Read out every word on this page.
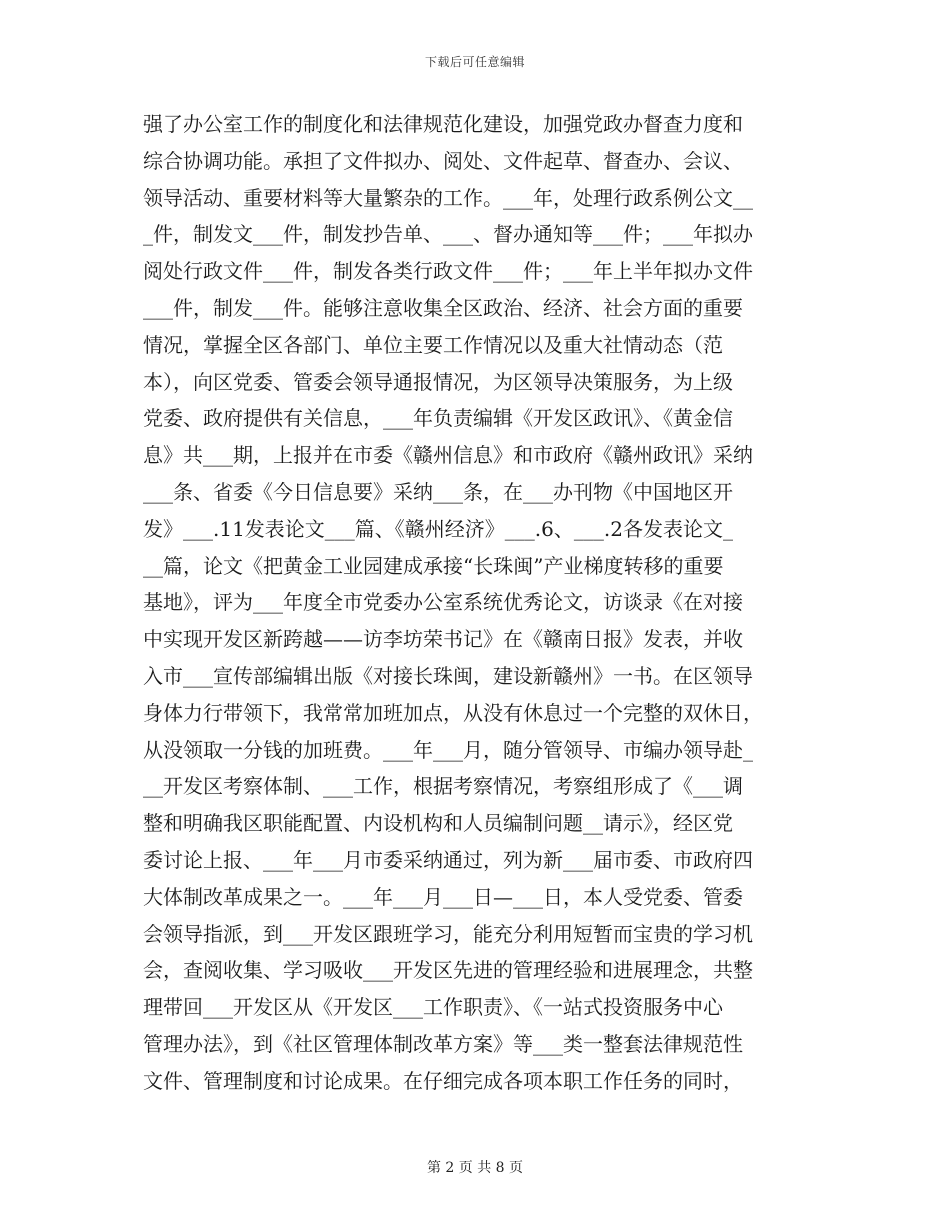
下载后可任意编辑
强了办公室工作的制度化和法律规范化建设，加强党政办督查力度和
综合协调功能。承担了文件拟办、阅处、文件起草、督查办、会议、
领导活动、重要材料等大量繁杂的工作。___年，处理行政系例公文__
_件，制发文___件，制发抄告单、___、督办通知等___件；___年拟办
阅处行政文件___件，制发各类行政文件___件；___年上半年拟办文件
___件，制发___件。能够注意收集全区政治、经济、社会方面的重要
情况，掌握全区各部门、单位主要工作情况以及重大社情动态（范
本），向区党委、管委会领导通报情况，为区领导决策服务，为上级
党委、政府提供有关信息，___年负责编辑《开发区政讯》、《黄金信
息》共___期，上报并在市委《赣州信息》和市政府《赣州政讯》采纳
___条、省委《今日信息要》采纳___条，在___办刊物《中国地区开
发》___.11发表论文___篇、《赣州经济》___.6、___.2各发表论文_
__篇，论文《把黄金工业园建成承接“长珠闽”产业梯度转移的重要
基地》，评为___年度全市党委办公室系统优秀论文，访谈录《在对接
中实现开发区新跨越——访李坊荣书记》在《赣南日报》发表，并收
入市___宣传部编辑出版《对接长珠闽，建设新赣州》一书。在区领导
身体力行带领下，我常常加班加点，从没有休息过一个完整的双休日，
从没领取一分钱的加班费。___年___月，随分管领导、市编办领导赴_
__开发区考察体制、___工作，根据考察情况，考察组形成了《___调
整和明确我区职能配置、内设机构和人员编制问题__请示》，经区党
委讨论上报、___年___月市委采纳通过，列为新___届市委、市政府四
大体制改革成果之一。___年___月___日—___日，本人受党委、管委
会领导指派，到___开发区跟班学习，能充分利用短暂而宝贵的学习机
会，查阅收集、学习吸收___开发区先进的管理经验和进展理念，共整
理带回___开发区从《开发区___工作职责》、《一站式投资服务中心
管理办法》，到《社区管理体制改革方案》等___类一整套法律规范性
文件、管理制度和讨论成果。在仔细完成各项本职工作任务的同时，
第 2 页 共 8 页
